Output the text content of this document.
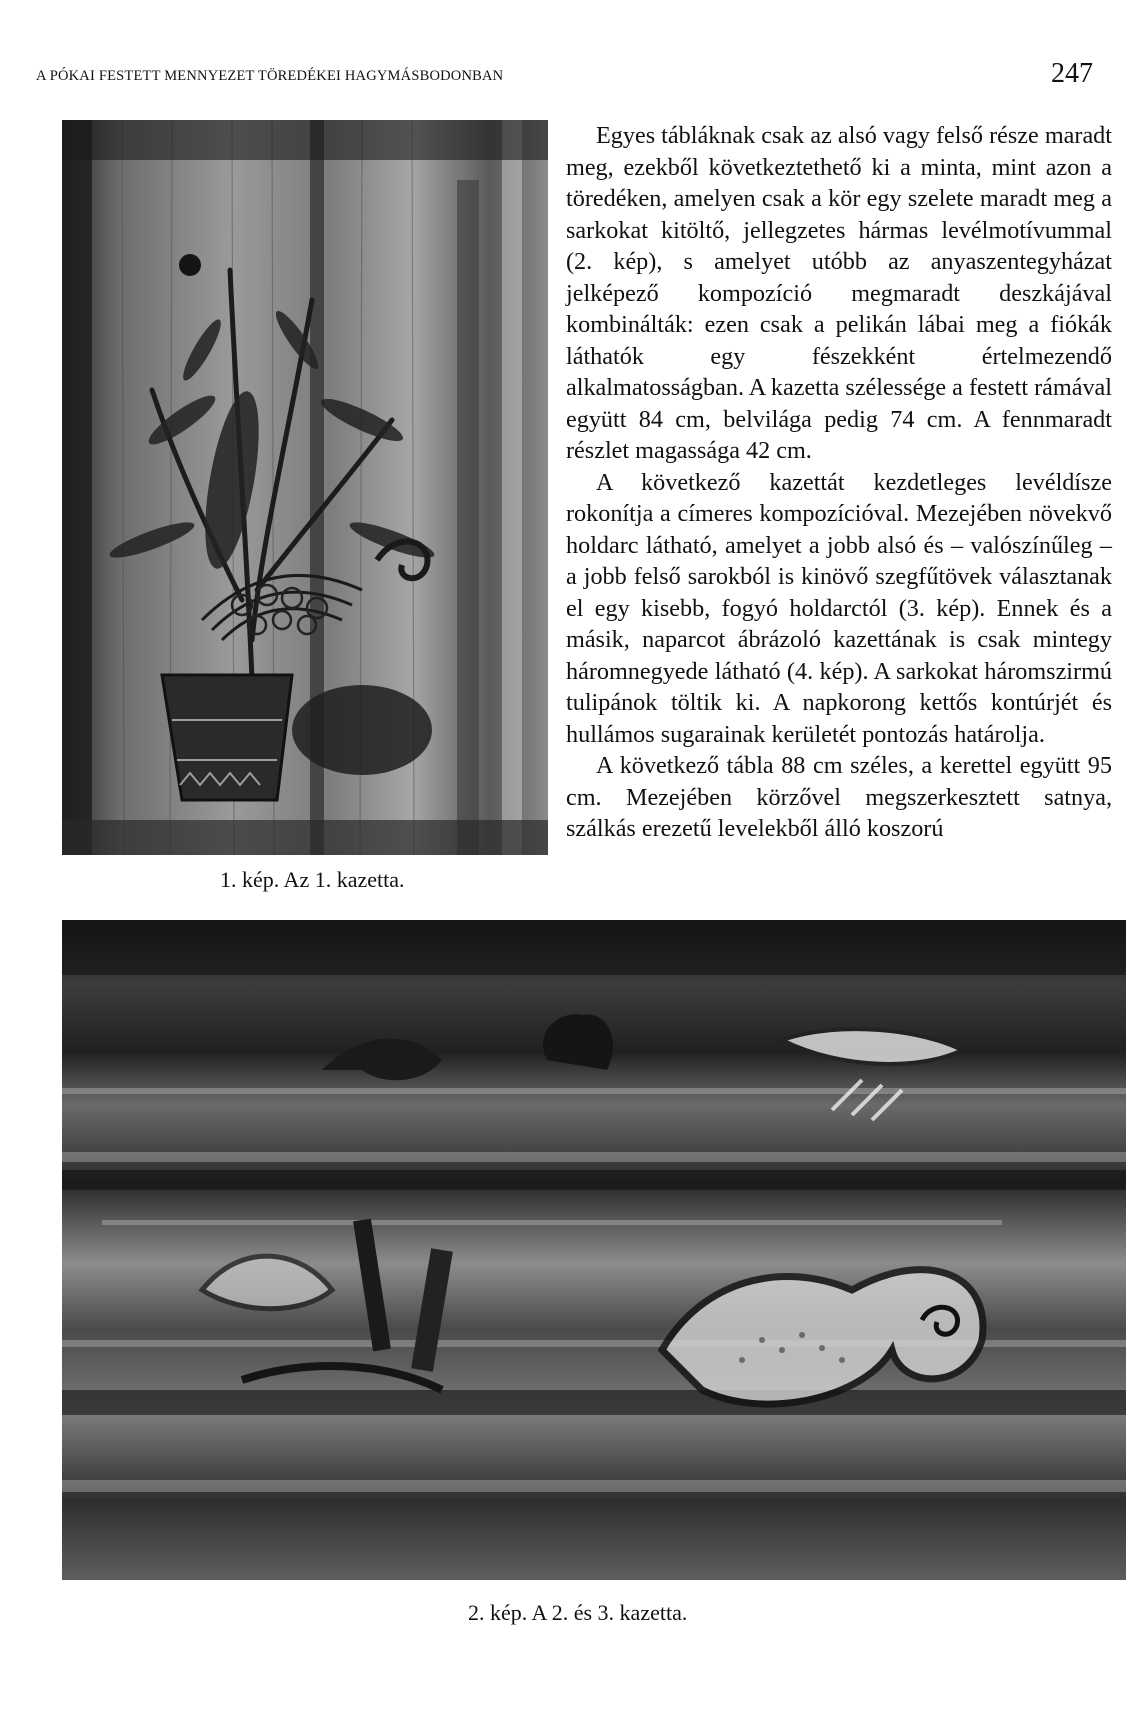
A PÓKAI FESTETT MENNYEZET TÖREDÉKEI HAGYMÁSBODONBAN	247
1. kép. Az 1. kazetta.

Egyes tábláknak csak az alsó vagy felső része maradt meg, ezekből következtethető ki a minta, mint azon a töredéken, amelyen csak a kör egy szelete maradt meg a sarkokat kitöltő, jellegzetes hármas levélmotívummal (2. kép), s amelyet utóbb az anyaszentegyházat jelképező kompozíció megmaradt deszkájával kombinálták: ezen csak a pelikán lábai meg a fiókák láthatók egy fészekként értelmezendő alkalmatosságban. A kazetta szélessége a festett rámával együtt 84 cm, belvilága pedig 74 cm. A fennmaradt részlet magassága 42 cm.

A következő kazettát kezdetleges levéldísze rokonítja a címeres kompozícióval. Mezejében növekvő holdarc látható, amelyet a jobb alsó és – valószínűleg – a jobb felső sarokból is kinövő szegfűtövek választanak el egy kisebb, fogyó holdarctól (3. kép). Ennek és a másik, naparcot ábrázoló kazettának is csak mintegy háromnegyede látható (4. kép). A sarkokat háromszirmú tulipánok töltik ki. A napkorong kettős kontúrjét és hullámos sugarainak kerületét pontozás határolja.

A következő tábla 88 cm széles, a kerettel együtt 95 cm. Mezejében körzővel megszerkesztett satnya, szálkás erezetű levelekből álló koszorú

2. kép. A 2. és 3. kazetta.
